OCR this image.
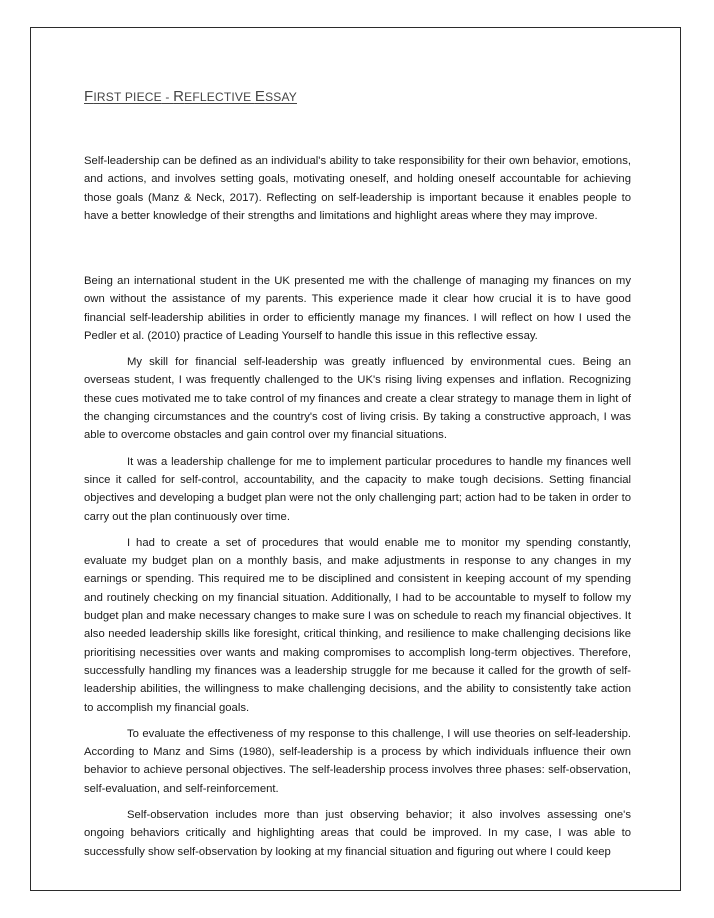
FIRST PIECE - REFLECTIVE ESSAY

Self-leadership can be defined as an individual's ability to take responsibility for their own behavior, emotions, and actions, and involves setting goals, motivating oneself, and holding oneself accountable for achieving those goals (Manz & Neck, 2017). Reflecting on self-leadership is important because it enables people to have a better knowledge of their strengths and limitations and highlight areas where they may improve.

Being an international student in the UK presented me with the challenge of managing my finances on my own without the assistance of my parents. This experience made it clear how crucial it is to have good financial self-leadership abilities in order to efficiently manage my finances. I will reflect on how I used the Pedler et al. (2010) practice of Leading Yourself to handle this issue in this reflective essay.

My skill for financial self-leadership was greatly influenced by environmental cues. Being an overseas student, I was frequently challenged to the UK's rising living expenses and inflation. Recognizing these cues motivated me to take control of my finances and create a clear strategy to manage them in light of the changing circumstances and the country's cost of living crisis. By taking a constructive approach, I was able to overcome obstacles and gain control over my financial situations.

It was a leadership challenge for me to implement particular procedures to handle my finances well since it called for self-control, accountability, and the capacity to make tough decisions. Setting financial objectives and developing a budget plan were not the only challenging part; action had to be taken in order to carry out the plan continuously over time.

I had to create a set of procedures that would enable me to monitor my spending constantly, evaluate my budget plan on a monthly basis, and make adjustments in response to any changes in my earnings or spending. This required me to be disciplined and consistent in keeping account of my spending and routinely checking on my financial situation. Additionally, I had to be accountable to myself to follow my budget plan and make necessary changes to make sure I was on schedule to reach my financial objectives. It also needed leadership skills like foresight, critical thinking, and resilience to make challenging decisions like prioritising necessities over wants and making compromises to accomplish long-term objectives. Therefore, successfully handling my finances was a leadership struggle for me because it called for the growth of self-leadership abilities, the willingness to make challenging decisions, and the ability to consistently take action to accomplish my financial goals.

To evaluate the effectiveness of my response to this challenge, I will use theories on self-leadership. According to Manz and Sims (1980), self-leadership is a process by which individuals influence their own behavior to achieve personal objectives. The self-leadership process involves three phases: self-observation, self-evaluation, and self-reinforcement.

Self-observation includes more than just observing behavior; it also involves assessing one's ongoing behaviors critically and highlighting areas that could be improved. In my case, I was able to successfully show self-observation by looking at my financial situation and figuring out where I could keep
